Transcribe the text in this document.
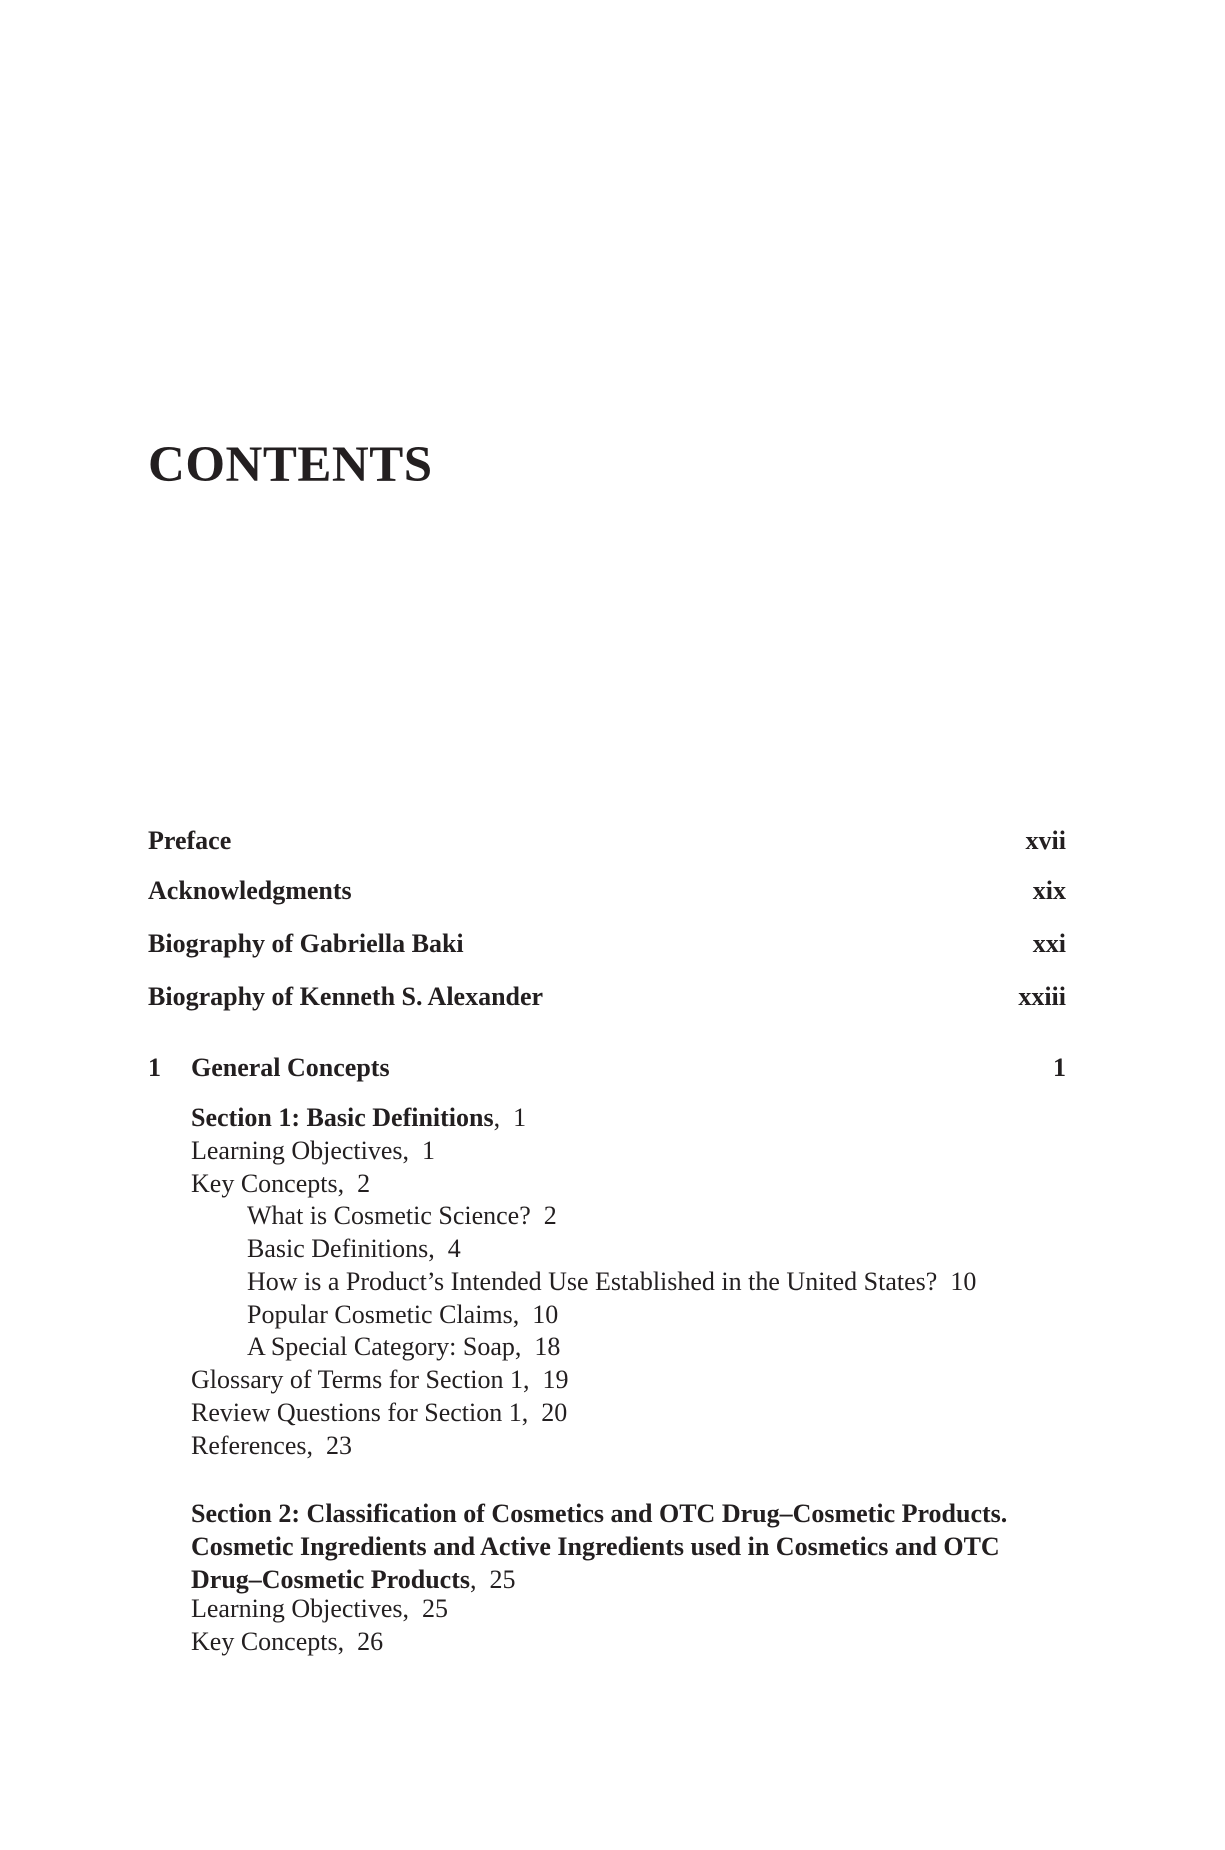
CONTENTS
Preface	xvii
Acknowledgments	xix
Biography of Gabriella Baki	xxi
Biography of Kenneth S. Alexander	xxiii
1	General Concepts	1
Section 1: Basic Definitions,  1
Learning Objectives, 1
Key Concepts, 2
What is Cosmetic Science? 2
Basic Definitions, 4
How is a Product’s Intended Use Established in the United States? 10
Popular Cosmetic Claims, 10
A Special Category: Soap, 18
Glossary of Terms for Section 1, 19
Review Questions for Section 1, 20
References, 23
Section 2: Classification of Cosmetics and OTC Drug–Cosmetic Products.
Cosmetic Ingredients and Active Ingredients used in Cosmetics and OTC
Drug–Cosmetic Products,  25
Learning Objectives, 25
Key Concepts, 26
